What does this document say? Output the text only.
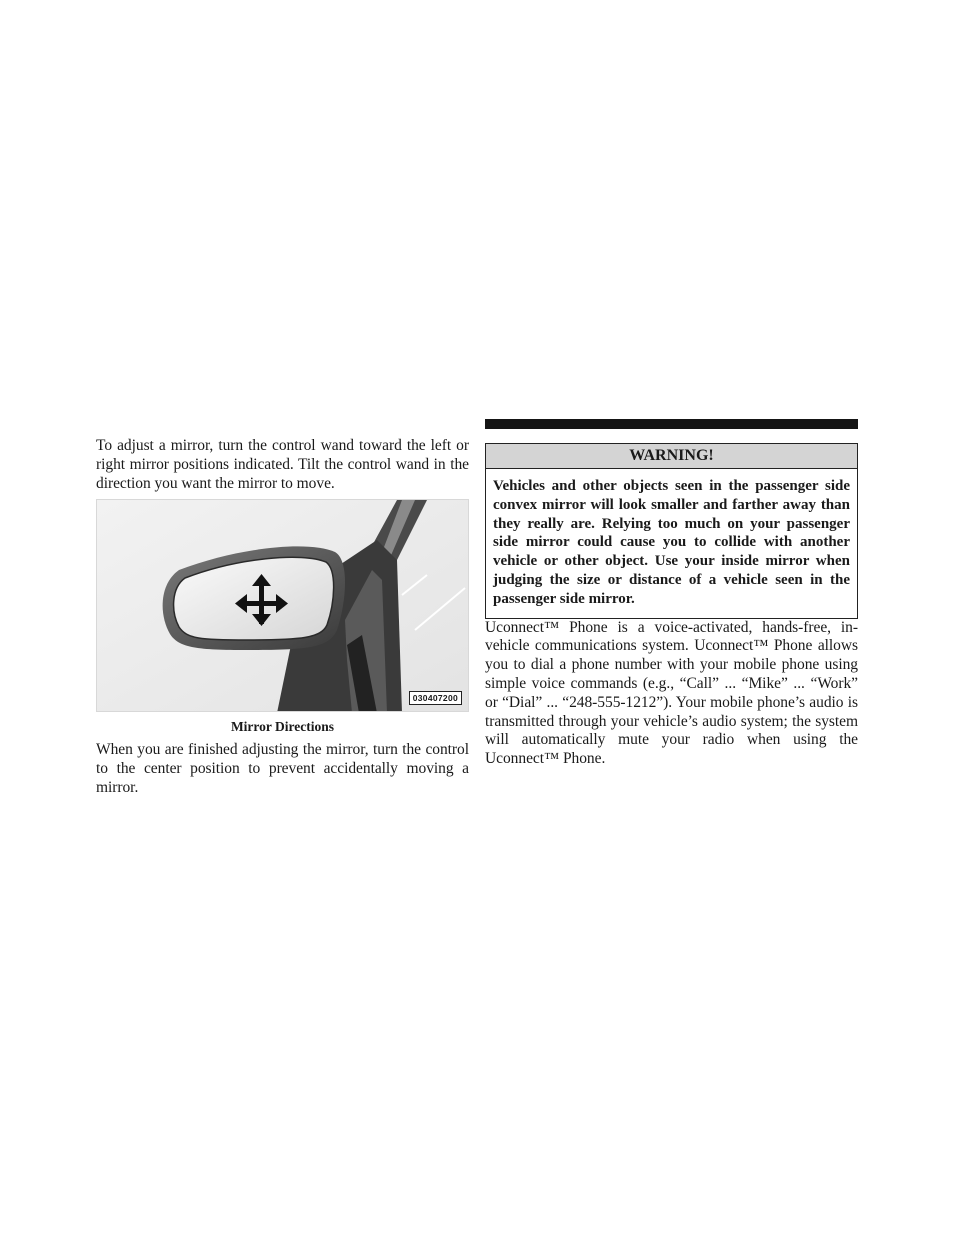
To adjust a mirror, turn the control wand toward the left or right mirror positions indicated. Tilt the control wand in the direction you want the mirror to move.

030407200
Mirror Directions

When you are finished adjusting the mirror, turn the control to the center position to prevent accidentally moving a mirror.

WARNING!
Vehicles and other objects seen in the passenger side convex mirror will look smaller and farther away than they really are. Relying too much on your passenger side mirror could cause you to collide with another vehicle or other object. Use your inside mirror when judging the size or distance of a vehicle seen in the passenger side mirror.

Uconnect™ Phone is a voice-activated, hands-free, in-vehicle communications system. Uconnect™ Phone allows you to dial a phone number with your mobile phone using simple voice commands (e.g., “Call” ... “Mike” ... “Work” or “Dial” ... “248-555-1212”). Your mobile phone’s audio is transmitted through your vehicle’s audio system; the system will automatically mute your radio when using the Uconnect™ Phone.
